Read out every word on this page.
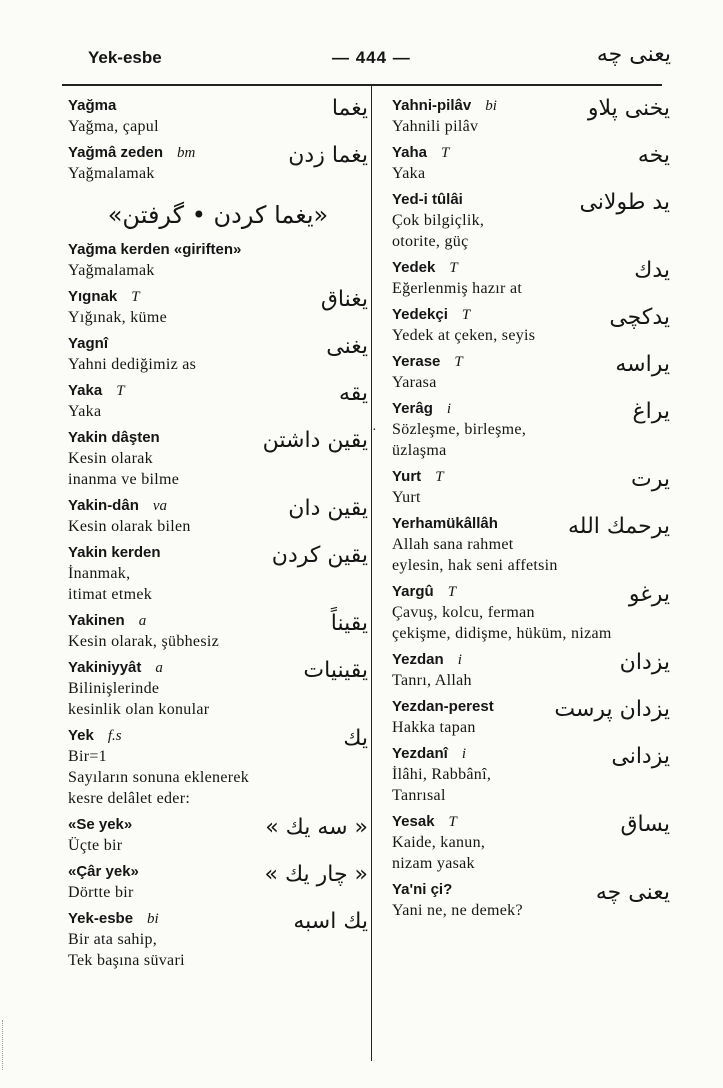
Yek-esbe	— 444 —	یعنی چه
Yağma
Yağma, çapul
یغما
Yağmâ zeden bm
Yağmalamak
یغما زدن
«یغما کردن • گرفتن»
Yağma kerden «giriften»
Yağmalamak
Yıgnak T
Yığınak, küme
یغناق
Yagnî
Yahni dediğimiz as
یغنی
Yaka T
Yaka
یقه
Yakin dâşten
Kesin olarak
inanma ve bilme
یقین داشتن
Yakin-dân va
Kesin olarak bilen
یقین دان
Yakin kerden
İnanmak,
itimat etmek
یقین کردن
Yakinen a
Kesin olarak, şübhesiz
یقیناً
Yakiniyyât a
Bilinişlerinde
kesinlik olan konular
یقینیات
Yek f.s
Bir=1
Sayıların sonuna eklenerek
kesre delâlet eder:
یك
«Se yek»
Üçte bir
« سه یك »
«Çâr yek»
Dörtte bir
« چار یك »
Yek-esbe bi
Bir ata sahip,
Tek başına süvari
یك اسبه
Yahni-pilâv bi
Yahnili pilâv
یخنی پلاو
Yaha T
Yaka
یخه
Yed-i tûlâi
Çok bilgiçlik,
otorite, güç
ید طولانی
Yedek T
Eğerlenmiş hazır at
یدك
Yedekçi T
Yedek at çeken, seyis
یدکچی
Yerase T
Yarasa
یراسه
Yerâg i
Sözleşme, birleşme,
üzlaşma
یراغ
·
Yurt T
Yurt
یرت
Yerhamükâllâh
Allah sana rahmet
eylesin, hak seni affetsin
یرحمك الله
Yargû T
Çavuş, kolcu, ferman
çekişme, didişme, hüküm, nizam
یرغو
Yezdan i
Tanrı, Allah
یزدان
Yezdan-perest
Hakka tapan
یزدان پرست
Yezdanî i
İlâhi, Rabbânî,
Tanrısal
یزدانی
Yesak T
Kaide, kanun,
nizam yasak
یساق
Ya'ni çi?
Yani ne, ne demek?
یعنی چه
